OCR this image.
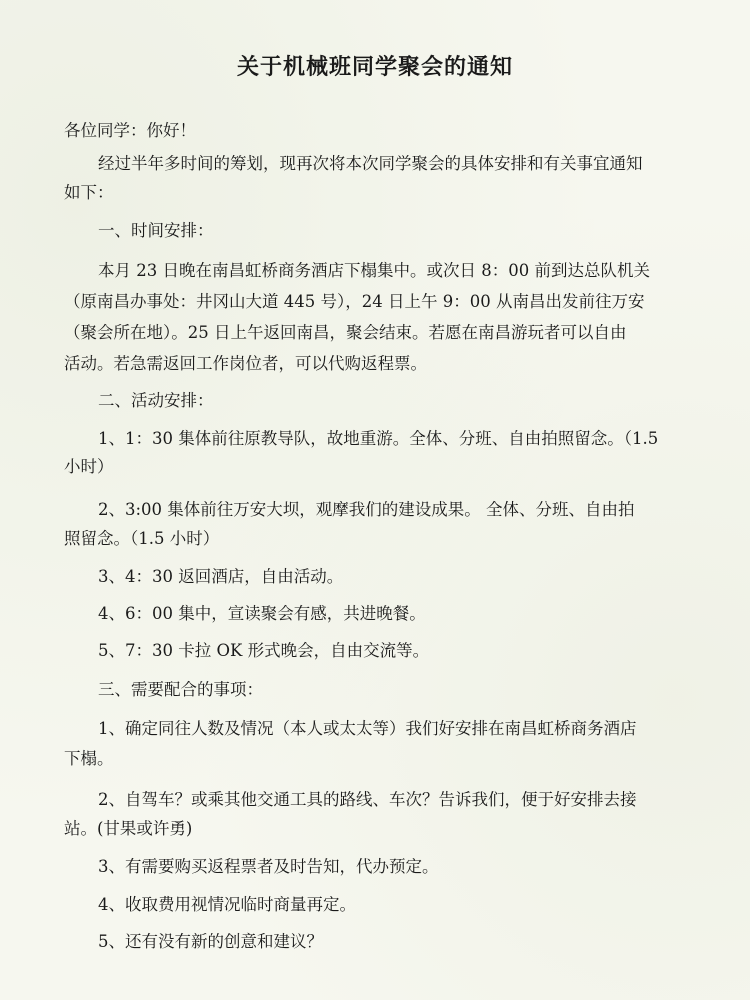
关于机械班同学聚会的通知
各位同学：你好！
经过半年多时间的筹划，现再次将本次同学聚会的具体安排和有关事宜通知
如下：
一、时间安排：
本月 23 日晚在南昌虹桥商务酒店下榻集中。或次日 8：00 前到达总队机关
（原南昌办事处：井冈山大道 445 号），24 日上午 9：00 从南昌出发前往万安
（聚会所在地）。25 日上午返回南昌，聚会结束。若愿在南昌游玩者可以自由
活动。若急需返回工作岗位者，可以代购返程票。
二、活动安排：
1、1：30 集体前往原教导队，故地重游。全体、分班、自由拍照留念。（1.5
小时）
2、3:00 集体前往万安大坝，观摩我们的建设成果。 全体、分班、自由拍
照留念。（1.5 小时）
3、4：30 返回酒店，自由活动。
4、6：00 集中，宣读聚会有感，共进晚餐。
5、7：30 卡拉 OK 形式晚会，自由交流等。
三、需要配合的事项：
1、确定同往人数及情况（本人或太太等）我们好安排在南昌虹桥商务酒店
下榻。
2、自驾车？或乘其他交通工具的路线、车次？告诉我们，便于好安排去接
站。(甘果或许勇)
3、有需要购买返程票者及时告知，代办预定。
4、收取费用视情况临时商量再定。
5、还有没有新的创意和建议？
